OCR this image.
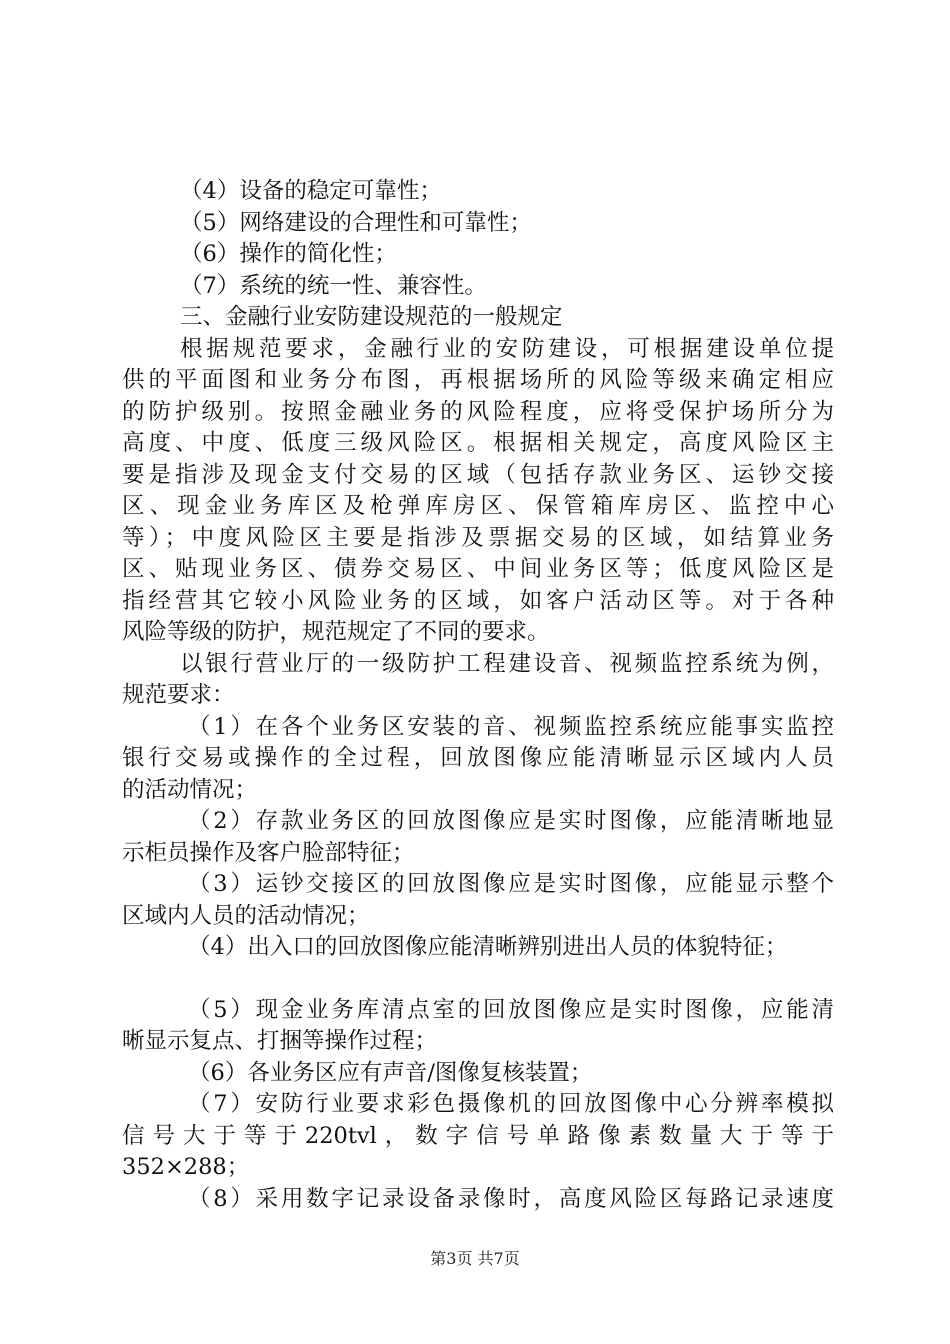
（4）设备的稳定可靠性；
（5）网络建设的合理性和可靠性；
（6）操作的简化性；
（7）系统的统一性、兼容性。
三、金融行业安防建设规范的一般规定
根据规范要求，金融行业的安防建设，可根据建设单位提
供的平面图和业务分布图，再根据场所的风险等级来确定相应
的防护级别。按照金融业务的风险程度，应将受保护场所分为
高度、中度、低度三级风险区。根据相关规定，高度风险区主
要是指涉及现金支付交易的区域（包括存款业务区、运钞交接
区、现金业务库区及枪弹库房区、保管箱库房区、监控中心
等）；中度风险区主要是指涉及票据交易的区域，如结算业务
区、贴现业务区、债券交易区、中间业务区等；低度风险区是
指经营其它较小风险业务的区域，如客户活动区等。对于各种
风险等级的防护，规范规定了不同的要求。
以银行营业厅的一级防护工程建设音、视频监控系统为例，
规范要求：
（1）在各个业务区安装的音、视频监控系统应能事实监控
银行交易或操作的全过程，回放图像应能清晰显示区域内人员
的活动情况；
（2）存款业务区的回放图像应是实时图像，应能清晰地显
示柜员操作及客户脸部特征；
（3）运钞交接区的回放图像应是实时图像，应能显示整个
区域内人员的活动情况；
（4）出入口的回放图像应能清晰辨别进出人员的体貌特征；
（5）现金业务库清点室的回放图像应是实时图像，应能清
晰显示复点、打捆等操作过程；
（6）各业务区应有声音/图像复核装置；
（7）安防行业要求彩色摄像机的回放图像中心分辨率模拟
信号大于等于220tvl，数字信号单路像素数量大于等于
352×288；
（8）采用数字记录设备录像时，高度风险区每路记录速度
第3页 共7页
